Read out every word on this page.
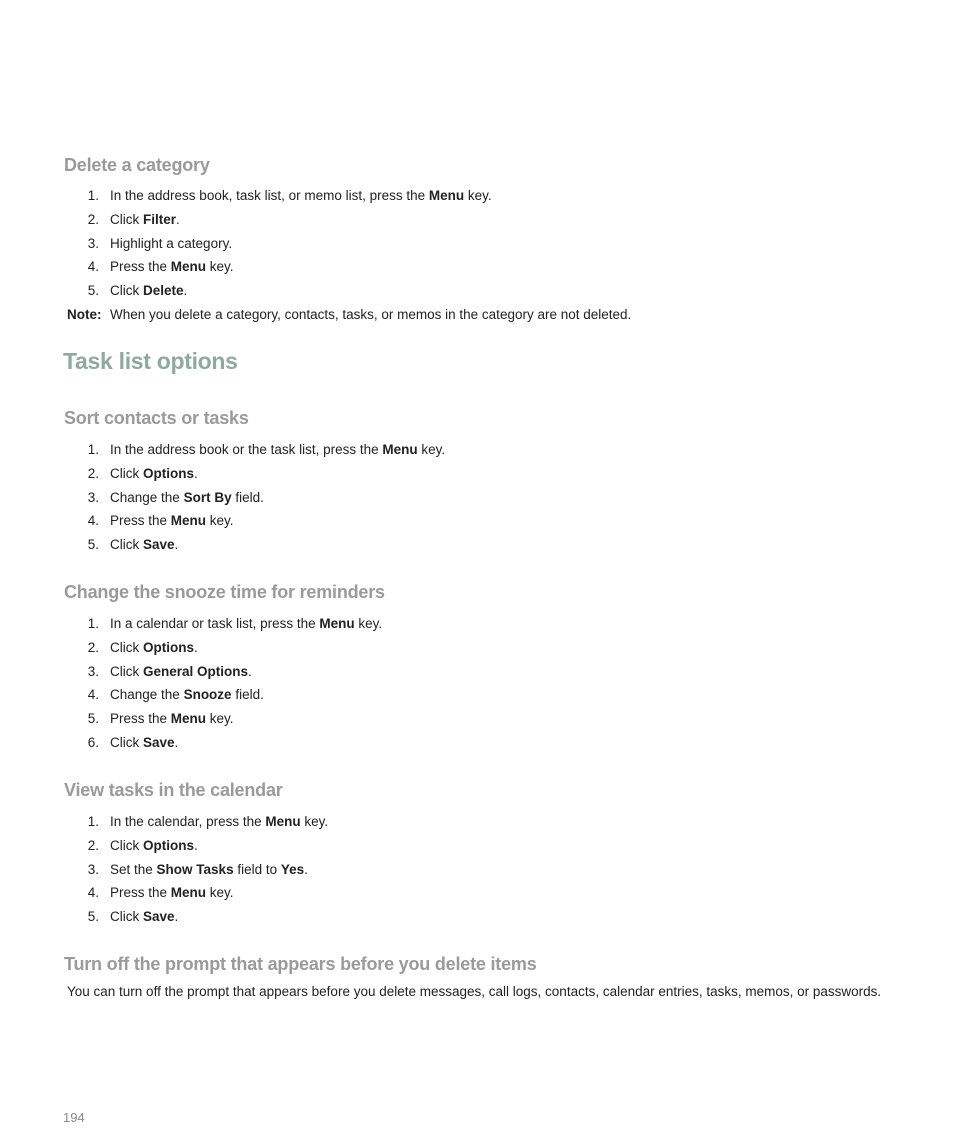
Delete a category
1. In the address book, task list, or memo list, press the Menu key.
2. Click Filter.
3. Highlight a category.
4. Press the Menu key.
5. Click Delete.
Note: When you delete a category, contacts, tasks, or memos in the category are not deleted.
Task list options
Sort contacts or tasks
1. In the address book or the task list, press the Menu key.
2. Click Options.
3. Change the Sort By field.
4. Press the Menu key.
5. Click Save.
Change the snooze time for reminders
1. In a calendar or task list, press the Menu key.
2. Click Options.
3. Click General Options.
4. Change the Snooze field.
5. Press the Menu key.
6. Click Save.
View tasks in the calendar
1. In the calendar, press the Menu key.
2. Click Options.
3. Set the Show Tasks field to Yes.
4. Press the Menu key.
5. Click Save.
Turn off the prompt that appears before you delete items

You can turn off the prompt that appears before you delete messages, call logs, contacts, calendar entries, tasks, memos, or passwords.

194
